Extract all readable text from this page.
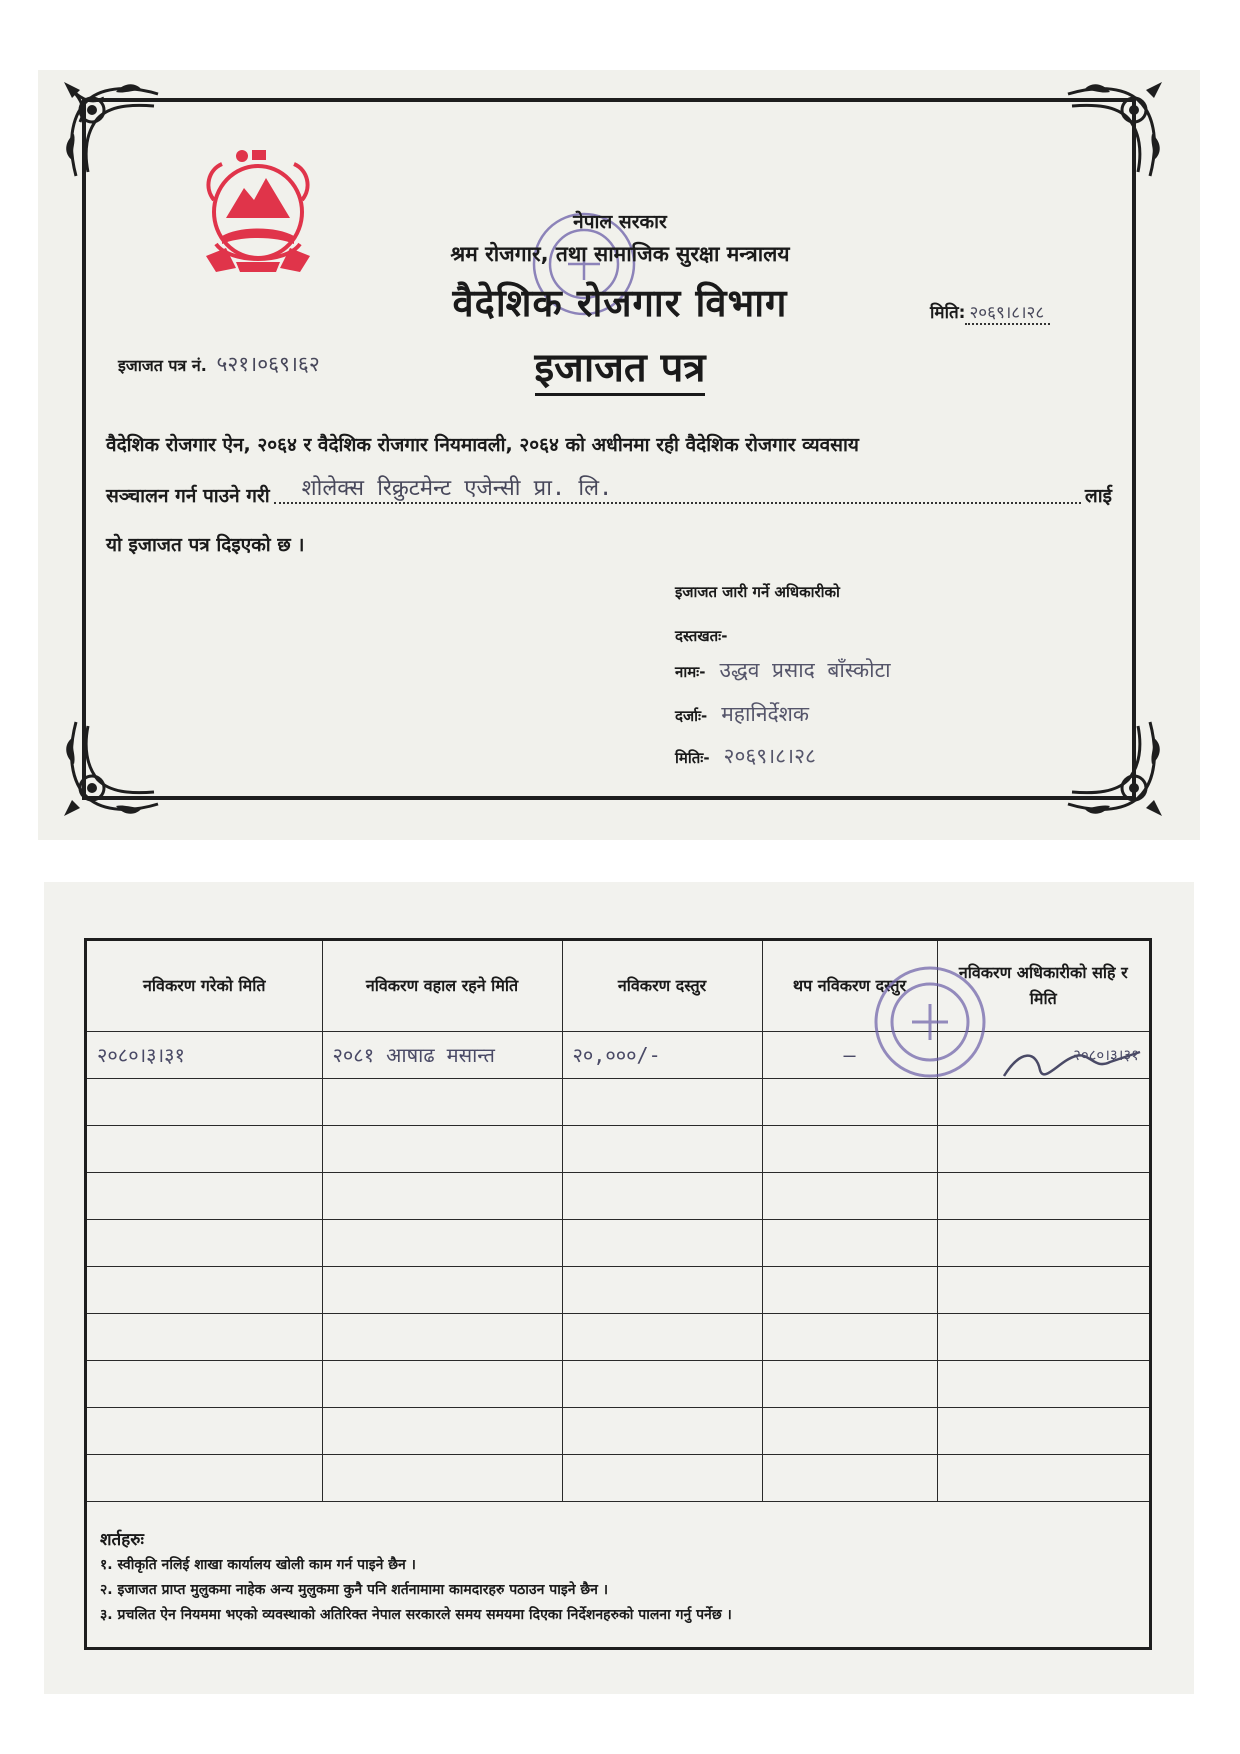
नेपाल सरकार
श्रम रोजगार, तथा सामाजिक सुरक्षा मन्त्रालय
वैदेशिक रोजगार विभाग	मिति: २०६९।८।२८
इजाजत पत्र नं. ५२१।०६९।६२	इजाजत पत्र
वैदेशिक रोजगार ऐन, २०६४ र वैदेशिक रोजगार नियमावली, २०६४ को अधीनमा रही वैदेशिक रोजगार व्यवसाय
सञ्चालन गर्न पाउने गरी	शोलेक्स रिक्रुटमेन्ट एजेन्सी प्रा. लि.	लाई
यो इजाजत पत्र दिइएको छ ।
इजाजत जारी गर्ने अधिकारीको
दस्तखतः-
नामः- उद्धव प्रसाद बाँस्कोटा
दर्जाः- महानिर्देशक
मितिः- २०६९।८।२८
नविकरण गरेको मिति	नविकरण वहाल रहने मिति	नविकरण दस्तुर	थप नविकरण दस्तुर	नविकरण अधिकारीको सहि र मिति
२०८०।३।३१	२०८१ आषाढ मसान्त	२०,०००/-	—	२०८०।३।३१

शर्तहरुः
१. स्वीकृति नलिई शाखा कार्यालय खोली काम गर्न पाइने छैन ।
२. इजाजत प्राप्त मुलुकमा नाहेक अन्य मुलुकमा कुनै पनि शर्तनामामा कामदारहरु पठाउन पाइने छैन ।
३. प्रचलित ऐन नियममा भएको व्यवस्थाको अतिरिक्त नेपाल सरकारले समय समयमा दिएका निर्देशनहरुको पालना गर्नु पर्नेछ ।
